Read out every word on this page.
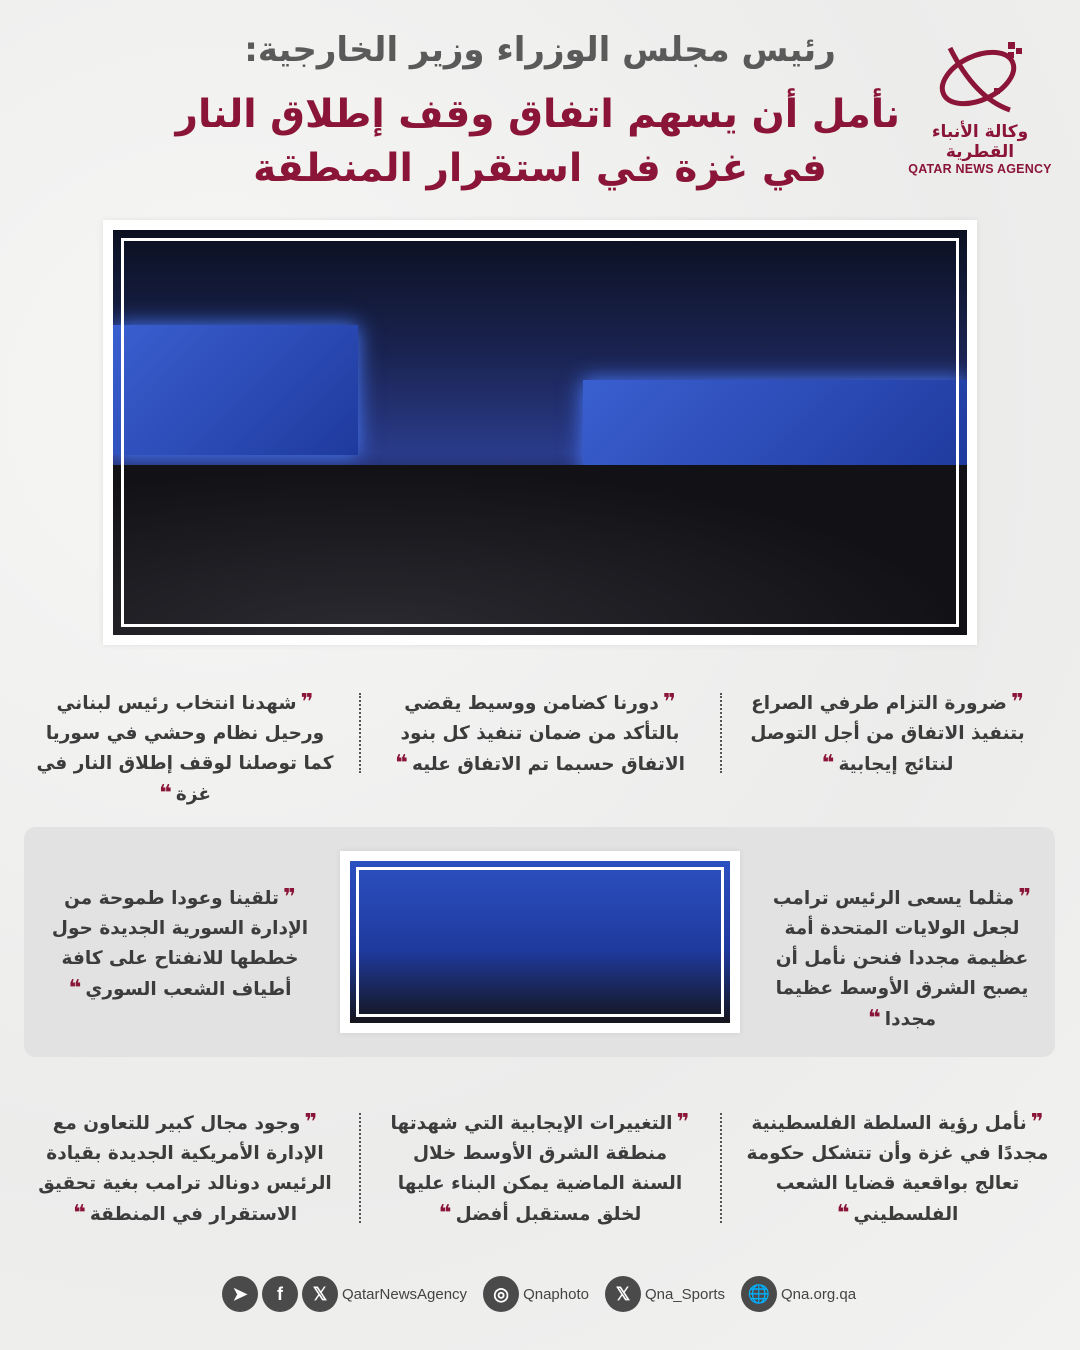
رئيس مجلس الوزراء وزير الخارجية:
نأمل أن يسهم اتفاق وقف إطلاق النار
في غزة في استقرار المنطقة
وكالة الأنباء القطرية
QATAR NEWS AGENCY
❞ ضرورة التزام طرفي الصراع بتنفيذ الاتفاق من أجل التوصل لنتائج إيجابية ❝
❞ دورنا كضامن ووسيط يقضي بالتأكد من ضمان تنفيذ كل بنود الاتفاق حسبما تم الاتفاق عليه ❝
❞ شهدنا انتخاب رئيس لبناني ورحيل نظام وحشي في سوريا كما توصلنا لوقف إطلاق النار في غزة ❝
❞ مثلما يسعى الرئيس ترامب لجعل الولايات المتحدة أمة عظيمة مجددا فنحن نأمل أن يصبح الشرق الأوسط عظيما مجددا ❝
❞ تلقينا وعودا طموحة من الإدارة السورية الجديدة حول خططها للانفتاح على كافة أطياف الشعب السوري ❝
❞ نأمل رؤية السلطة الفلسطينية مجددًا في غزة وأن تتشكل حكومة تعالج بواقعية قضايا الشعب الفلسطيني ❝
❞ التغييرات الإيجابية التي شهدتها منطقة الشرق الأوسط خلال السنة الماضية يمكن البناء عليها لخلق مستقبل أفضل ❝
❞ وجود مجال كبير للتعاون مع الإدارة الأمريكية الجديدة بقيادة الرئيس دونالد ترامب بغية تحقيق الاستقرار في المنطقة ❝
➤	f	𝕏 QatarNewsAgency	◎ Qnaphoto	𝕏 Qna_Sports	🌐 Qna.org.qa
